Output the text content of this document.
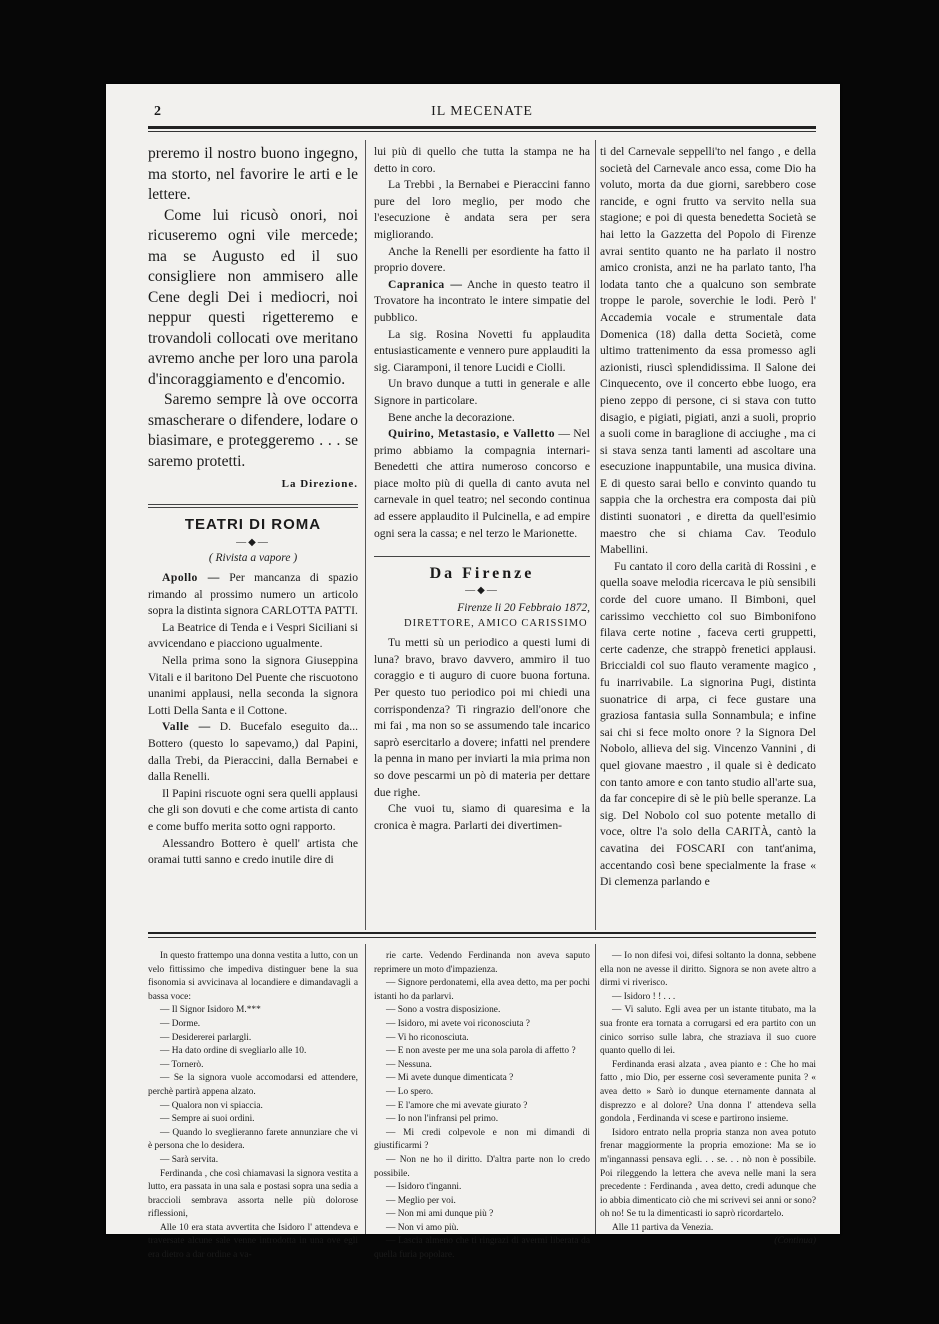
2	IL MECENATE

preremo il nostro buono ingegno, ma storto, nel favorire le arti e le lettere.

Come lui ricusò onori, noi ricuseremo ogni vile mercede; ma se Augusto ed il suo consigliere non ammisero alle Cene degli Dei i mediocri, noi neppur questi rigetteremo e trovandoli collocati ove meritano avremo anche per loro una parola d'incoraggiamento e d'encomio.

Saremo sempre là ove occorra smascherare o difendere, lodare o biasimare, e proteggeremo . . . se saremo protetti.

La Direzione.
TEATRI DI ROMA
—◆—
( Rivista a vapore )

Apollo — Per mancanza di spazio rimando al prossimo numero un articolo sopra la distinta signora CARLOTTA PATTI.

La Beatrice di Tenda e i Vespri Siciliani si avvicendano e piacciono ugualmente.

Nella prima sono la signora Giuseppina Vitali e il baritono Del Puente che riscuotono unanimi applausi, nella seconda la signora Lotti Della Santa e il Cottone.

Valle — D. Bucefalo eseguito da... Bottero (questo lo sapevamo,) dal Papini, dalla Trebi, da Pieraccini, dalla Bernabei e dalla Renelli.

Il Papini riscuote ogni sera quelli applausi che gli son dovuti e che come artista di canto e come buffo merita sotto ogni rapporto.

Alessandro Bottero è quell' artista che oramai tutti sanno e credo inutile dire di

lui più di quello che tutta la stampa ne ha detto in coro.

La Trebbi , la Bernabei e Pieraccini fanno pure del loro meglio, per modo che l'esecuzione è andata sera per sera migliorando.

Anche la Renelli per esordiente ha fatto il proprio dovere.

Capranica — Anche in questo teatro il Trovatore ha incontrato le intere simpatie del pubblico.

La sig. Rosina Novetti fu applaudita entusiasticamente e vennero pure applauditi la sig. Ciaramponi, il tenore Lucidi e Ciolli.

Un bravo dunque a tutti in generale e alle Signore in particolare.

Bene anche la decorazione.

Quirino, Metastasio, e Valletto — Nel primo abbiamo la compagnia internari-Benedetti che attira numeroso concorso e piace molto più di quella di canto avuta nel carnevale in quel teatro; nel secondo continua ad essere applaudito il Pulcinella, e ad empire ogni sera la cassa; e nel terzo le Marionette.

Da Firenze
—◆—
Firenze li 20 Febbraio 1872,
DIRETTORE, AMICO CARISSIMO

Tu metti sù un periodico a questi lumi di luna? bravo, bravo davvero, ammiro il tuo coraggio e ti auguro di cuore buona fortuna. Per questo tuo periodico poi mi chiedi una corrispondenza? Ti ringrazio dell'onore che mi fai , ma non so se assumendo tale incarico saprò esercitarlo a dovere; infatti nel prendere la penna in mano per inviarti la mia prima non so dove pescarmi un pò di materia per dettare due righe.

Che vuoi tu, siamo di quaresima e la cronica è magra. Parlarti dei divertimen-

ti del Carnevale seppelli'to nel fango , e della società del Carnevale anco essa, come Dio ha voluto, morta da due giorni, sarebbero cose rancide, e ogni frutto va servito nella sua stagione; e poi di questa benedetta Società se hai letto la Gazzetta del Popolo di Firenze avrai sentito quanto ne ha parlato il nostro amico cronista, anzi ne ha parlato tanto, l'ha lodata tanto che a qualcuno son sembrate troppe le parole, soverchie le lodi. Però l' Accademia vocale e strumentale data Domenica (18) dalla detta Società, come ultimo trattenimento da essa promesso agli azionisti, riuscì splendidissima. Il Salone dei Cinquecento, ove il concerto ebbe luogo, era pieno zeppo di persone, ci si stava con tutto disagio, e pigiati, pigiati, anzi a suoli, proprio a suoli come in baraglione di acciughe , ma ci si stava senza tanti lamenti ad ascoltare una esecuzione inappuntabile, una musica divina. E di questo sarai bello e convinto quando tu sappia che la orchestra era composta dai più distinti suonatori , e diretta da quell'esimio maestro che si chiama Cav. Teodulo Mabellini.

Fu cantato il coro della carità di Rossini , e quella soave melodia ricercava le più sensibili corde del cuore umano. Il Bimboni, quel carissimo vecchietto col suo Bimbonifono filava certe notine , faceva certi gruppetti, certe cadenze, che strappò frenetici applausi. Briccialdi col suo flauto veramente magico , fu inarrivabile. La signorina Pugi, distinta suonatrice di arpa, ci fece gustare una graziosa fantasia sulla Sonnambula; e infine sai chi si fece molto onore ? la Signora Del Nobolo, allieva del sig. Vincenzo Vannini , di quel giovane maestro , il quale si è dedicato con tanto amore e con tanto studio all'arte sua, da far concepire di sè le più belle speranze. La sig. Del Nobolo col suo potente metallo di voce, oltre l'a solo della CARITÀ, cantò la cavatina dei FOSCARI con tant'anima, accentando così bene specialmente la frase « Di clemenza parlando e

In questo frattempo una donna vestita a lutto, con un velo fittissimo che impediva distinguer bene la sua fisonomia si avvicinava al locandiere e dimandavagli a bassa voce:

— Il Signor Isidoro M.***

— Dorme.

— Desidererei parlargli.

— Ha dato ordine di svegliarlo alle 10.

— Tornerò.

— Se la signora vuole accomodarsi ed attendere, perchè partirà appena alzato.

— Qualora non vi spiaccia.

— Sempre ai suoi ordini.

— Quando lo sveglieranno farete annunziare che vi è persona che lo desidera.

— Sarà servita.

Ferdinanda , che così chiamavasi la signora vestita a lutto, era passata in una sala e postasi sopra una sedia a braccioli sembrava assorta nelle più dolorose riflessioni,

Alle 10 era stata avvertita che Isidoro l' attendeva e traversate alcune sale venne introdotta in una ove egli era dietro a dar ordine a va-

rie carte. Vedendo Ferdinanda non aveva saputo reprimere un moto d'impazienza.

— Signore perdonatemi, ella avea detto, ma per pochi istanti ho da parlarvi.

— Sono a vostra disposizione.

— Isidoro, mi avete voi riconosciuta ?

— Vi ho riconosciuta.

— E non aveste per me una sola parola di affetto ?

— Nessuna.

— Mi avete dunque dimenticata ?

— Lo spero.

— E l'amore che mi avevate giurato ?

— Io non l'infransi pel primo.

— Mi credi colpevole e non mi dimandi di giustificarmi ?

— Non ne ho il diritto. D'altra parte non lo credo possibile.

— Isidoro t'inganni.

— Meglio per voi.

— Non mi ami dunque più ?

— Non vi amo più.

— Lascia almeno che ti ringrazi di avermi liberata da quella furia popolare.

— Io non difesi voi, difesi soltanto la donna, sebbene ella non ne avesse il diritto. Signora se non avete altro a dirmi vi riverisco.

— Isidoro ! ! . . .

— Vi saluto. Egli avea per un istante titubato, ma la sua fronte era tornata a corrugarsi ed era partito con un cinico sorriso sulle labra, che straziava il suo cuore quanto quello di lei.

Ferdinanda erasi alzata , avea pianto e : Che ho mai fatto , mio Dio, per esserne così severamente punita ? « avea detto » Sarò io dunque eternamente dannata al disprezzo e al dolore? Una donna l' attendeva sella gondola , Ferdinanda vi scese e partirono insieme.

Isidoro entrato nella propria stanza non avea potuto frenar maggiormente la propria emozione: Ma se io m'ingannassi pensava egli. . . se. . . nò non è possibile. Poi rileggendo la lettera che aveva nelle mani la sera precedente : Ferdinanda , avea detto, credi adunque che io abbia dimenticato ciò che mi scrivevi sei anni or sono? oh no! Se tu la dimenticasti io saprò ricordartelo.

Alle 11 partiva da Venezia.

(Continua)
